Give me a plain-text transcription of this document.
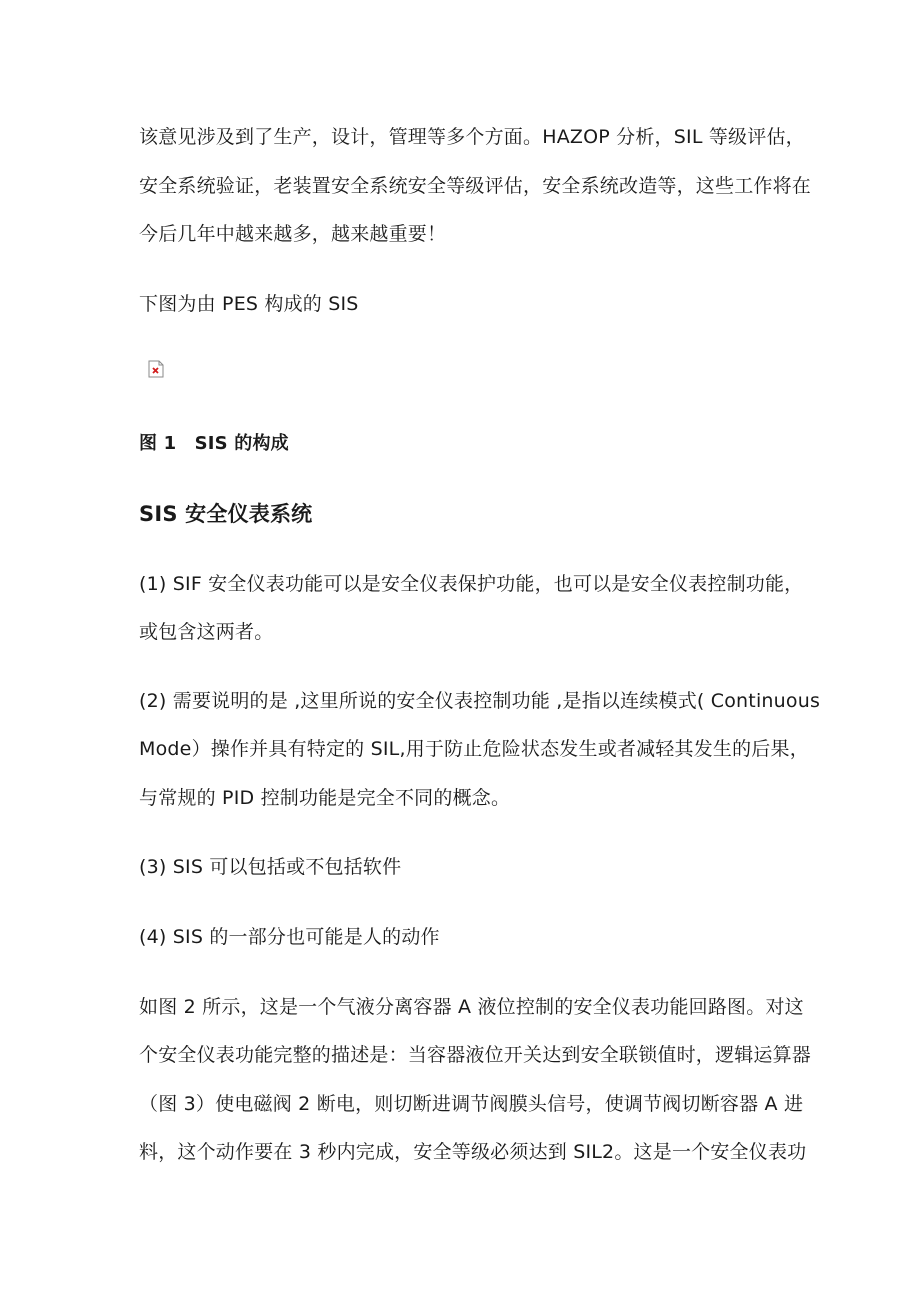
该意见涉及到了生产，设计，管理等多个方面。HAZOP 分析，SIL 等级评估，
安全系统验证，老装置安全系统安全等级评估，安全系统改造等，这些工作将在
今后几年中越来越多，越来越重要！
下图为由 PES 构成的 SIS
图 1　SIS 的构成
SIS 安全仪表系统
(1) SIF 安全仪表功能可以是安全仪表保护功能，也可以是安全仪表控制功能，
或包含这两者。
(2) 需要说明的是 ,这里所说的安全仪表控制功能 ,是指以连续模式( Continuous
Mode）操作并具有特定的 SIL,用于防止危险状态发生或者减轻其发生的后果，
与常规的 PID 控制功能是完全不同的概念。
(3) SIS 可以包括或不包括软件
(4) SIS 的一部分也可能是人的动作
如图 2 所示，这是一个气液分离容器 A 液位控制的安全仪表功能回路图。对这
个安全仪表功能完整的描述是：当容器液位开关达到安全联锁值时，逻辑运算器
（图 3）使电磁阀 2 断电，则切断进调节阀膜头信号，使调节阀切断容器 A 进
料，这个动作要在 3 秒内完成，安全等级必须达到 SIL2。这是一个安全仪表功
